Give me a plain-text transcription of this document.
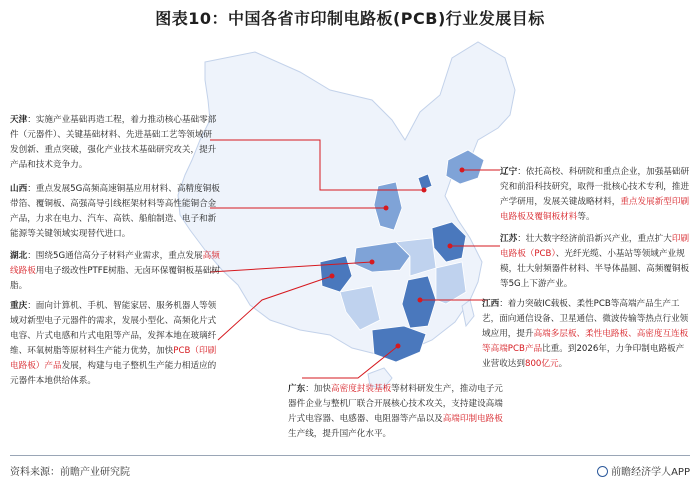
图表10：中国各省市印制电路板(PCB)行业发展目标
天津：实施产业基础再造工程，着力推动核心基础零部件（元器件）、关键基础材料、先进基础工艺等领域研发创新、重点突破，强化产业技术基础研究攻关，提升产品和技术竞争力。
山西：重点发展5G高频高速铜基应用材料、高精度铜板带箔、覆铜板、高强高导引线框架材料等高性能铜合金产品，力求在电力、汽车、高铁、船舶制造、电子和新能源等关键领域实现替代进口。
湖北：围绕5G通信高分子材料产业需求，重点发展高频线路板用电子级改性PTFE树脂、无卤环保覆铜板基础树脂。
重庆：面向计算机、手机、智能家居、服务机器人等领域对新型电子元器件的需求，发展小型化、高频化片式电容、片式电感和片式电阻等产品，发挥本地在玻璃纤维、环氧树脂等原材料生产能力优势，加快PCB（印刷电路板）产品发展，构建与电子整机生产能力相适应的元器件本地供给体系。
辽宁：依托高校、科研院和重点企业，加强基础研究和前沿科技研究，取得一批核心技术专利，推进产学研用，发展关键战略材料，重点发展新型印刷电路板及覆铜板材料等。
江苏：壮大数字经济前沿新兴产业，重点扩大印刷电路板（PCB）、光纤光缆、小基站等领域产业规模，壮大射频器件材料、半导体晶圆、高频覆铜板等5G上下游产业。
江西：着力突破IC载板、柔性PCB等高端产品生产工艺，面向通信设备、卫星通信、微波传输等热点行业领域应用，提升高端多层板、柔性电路板、高密度互连板等高端PCB产品比重。到2026年，力争印制电路板产业营收达到800亿元。
广东：加快高密度封装基板等材料研发生产，推动电子元器件企业与整机厂联合开展核心技术攻关，支持建设高端片式电容器、电感器、电阻器等产品以及高端印制电路板生产线，提升国产化水平。
资料来源：前瞻产业研究院	前瞻经济学人APP
